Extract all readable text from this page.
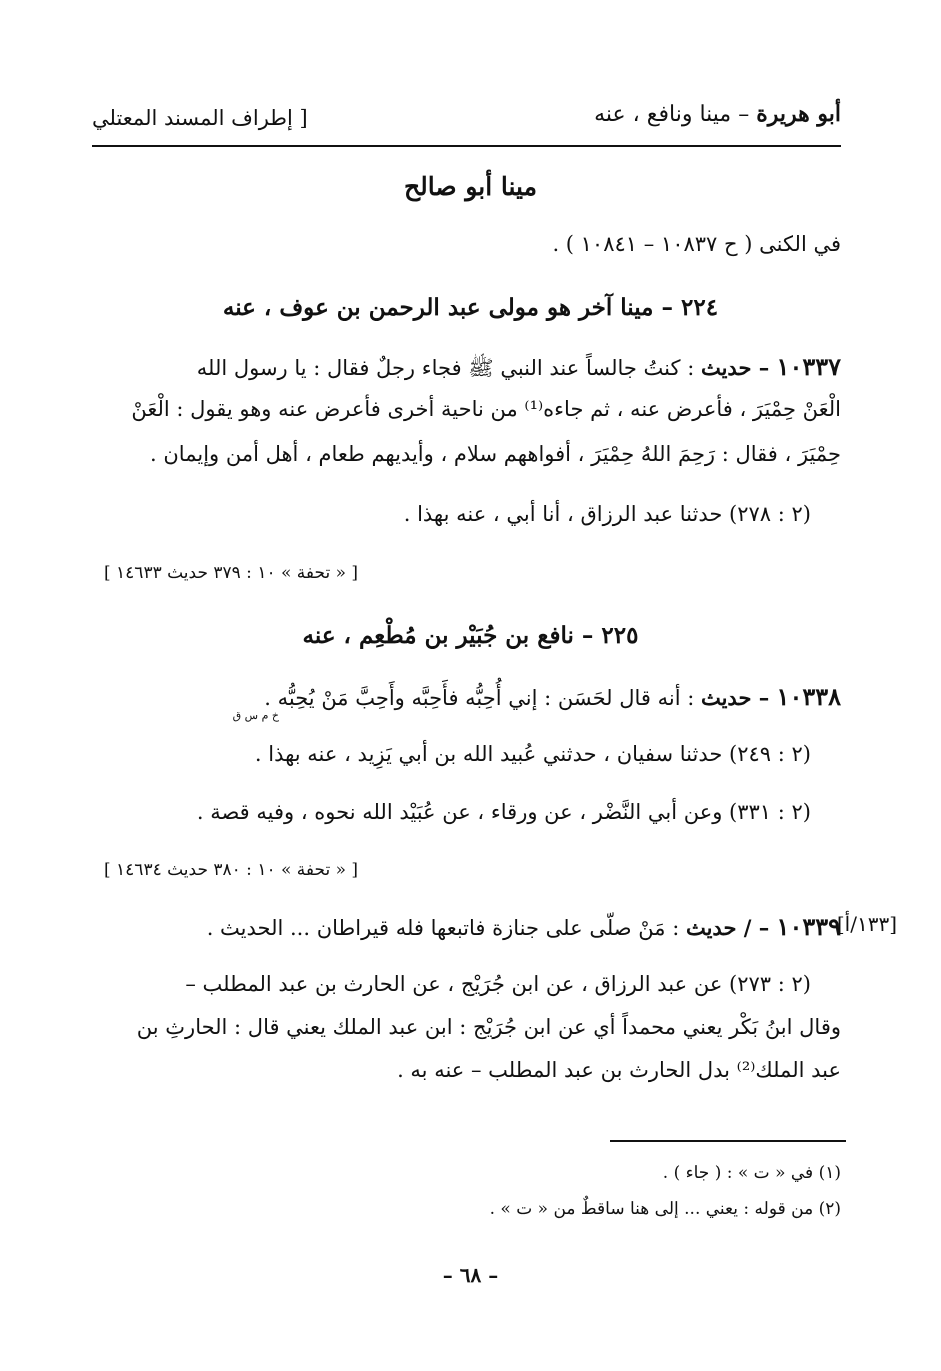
أبو هريرة – مينا ونافع ، عنه
[ إطراف المسند المعتلي
مينا أبو صالح
في الكنى ( ح ١٠٨٣٧ – ١٠٨٤١ ) .
٢٢٤ – مينا آخر هو مولى عبد الرحمن بن عوف ، عنه
١٠٣٣٧ – حديث : كنتُ جالساً عند النبي ﷺ فجاء رجلٌ فقال : يا رسول الله
الْعَنْ حِمْيَرَ ، فأعرض عنه ، ثم جاءه⁽¹⁾ من ناحية أخرى فأعرض عنه وهو يقول : الْعَنْ
حِمْيَرَ ، فقال : رَحِمَ اللهُ حِمْيَرَ ، أفواههم سلام ، وأيديهم طعام ، أهل أمن وإيمان .
(٢ : ٢٧٨) حدثنا عبد الرزاق ، أنا أبي ، عنه بهذا .
[ « تحفة » ١٠ : ٣٧٩ حديث ١٤٦٣٣ ]
٢٢٥ – نافع بن جُبَيْر بن مُطْعِم ، عنه
١٠٣٣٨ – حديث : أنه قال لحَسَن : إني أُحِبُّه فأَحِبَّه وأَحِبَّ مَنْ يُحِبُّه .
خ م س ق
(٢ : ٢٤٩) حدثنا سفيان ، حدثني عُبيد الله بن أبي يَزِيد ، عنه بهذا .
(٢ : ٣٣١) وعن أبي النَّضْر ، عن ورقاء ، عن عُبَيْد الله نحوه ، وفيه قصة .
[ « تحفة » ١٠ : ٣٨٠ حديث ١٤٦٣٤ ]
[١٣٣/أ]
١٠٣٣٩ – / حديث : مَنْ صلّى على جنازة فاتبعها فله قيراطان ... الحديث .
(٢ : ٢٧٣) عن عبد الرزاق ، عن ابن جُرَيْج ، عن الحارث بن عبد المطلب –
وقال ابنُ بَكْر يعني محمداً أي عن ابن جُرَيْج : ابن عبد الملك يعني قال : الحارثِ بن
عبد الملك⁽²⁾ بدل الحارث بن عبد المطلب – عنه به .
(١) في « ت » : ( جاء ) .
(٢) من قوله : يعني ... إلى هنا ساقطٌ من « ت » .
– ٦٨ –
